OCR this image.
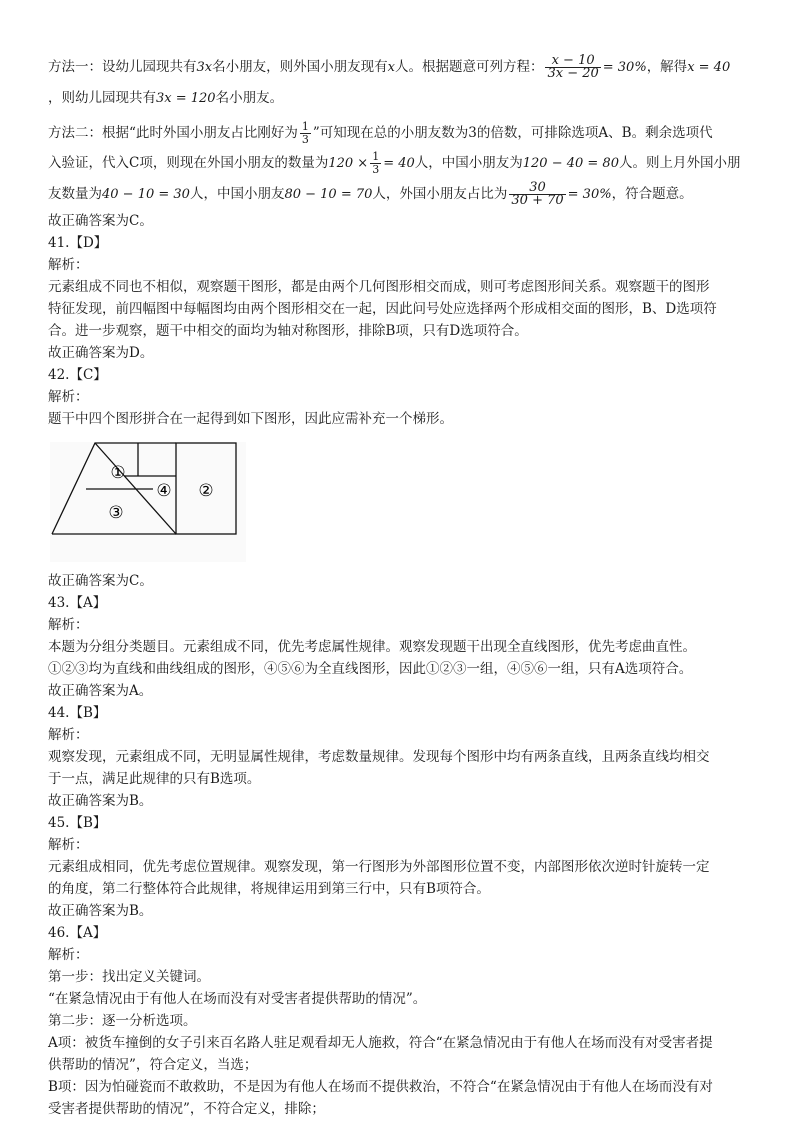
方法一：设幼儿园现共有3x名小朋友，则外国小朋友现有x人。根据题意可列方程： $\frac{x - 10}{3x - 20} = 30\%$，解得x = 40
，则幼儿园现共有3x = 120名小朋友。

方法二：根据“此时外国小朋友占比刚好为 $\frac{1}{3}$ ”可知现在总的小朋友数为3的倍数，可排除选项A、B。剩余选项代
入验证，代入C项，则现在外国小朋友的数量为$120 \times \frac{1}{3} = 40$人，中国小朋友为120 − 40 = 80人。则上月外国小朋
友数量为40 − 10 = 30人，中国小朋友80 − 10 = 70人，外国小朋友占比为 $\frac{30}{30 + 70} = 30\%$，符合题意。

故正确答案为C。

41.【D】

解析：

元素组成不同也不相似，观察题干图形，都是由两个几何图形相交而成，则可考虑图形间关系。观察题干的图形

特征发现，前四幅图中每幅图均由两个图形相交在一起，因此问号处应选择两个形成相交面的图形，B、D选项符

合。进一步观察，题干中相交的面均为轴对称图形，排除B项，只有D选项符合。

故正确答案为D。

42.【C】

解析：

题干中四个图形拼合在一起得到如下图形，因此应需补充一个梯形。

①
②
③
④

故正确答案为C。

43.【A】

解析：

本题为分组分类题目。元素组成不同，优先考虑属性规律。观察发现题干出现全直线图形，优先考虑曲直性。

①②③均为直线和曲线组成的图形，④⑤⑥为全直线图形，因此①②③一组，④⑤⑥一组，只有A选项符合。

故正确答案为A。

44.【B】

解析：

观察发现，元素组成不同，无明显属性规律，考虑数量规律。发现每个图形中均有两条直线，且两条直线均相交

于一点，满足此规律的只有B选项。

故正确答案为B。

45.【B】

解析：

元素组成相同，优先考虑位置规律。观察发现，第一行图形为外部图形位置不变，内部图形依次逆时针旋转一定

的角度，第二行整体符合此规律，将规律运用到第三行中，只有B项符合。

故正确答案为B。

46.【A】

解析：

第一步：找出定义关键词。

“在紧急情况由于有他人在场而没有对受害者提供帮助的情况”。

第二步：逐一分析选项。

A项：被货车撞倒的女子引来百名路人驻足观看却无人施救，符合“在紧急情况由于有他人在场而没有对受害者提

供帮助的情况”，符合定义，当选；

B项：因为怕碰瓷而不敢救助，不是因为有他人在场而不提供救治，不符合“在紧急情况由于有他人在场而没有对

受害者提供帮助的情况”，不符合定义，排除；
